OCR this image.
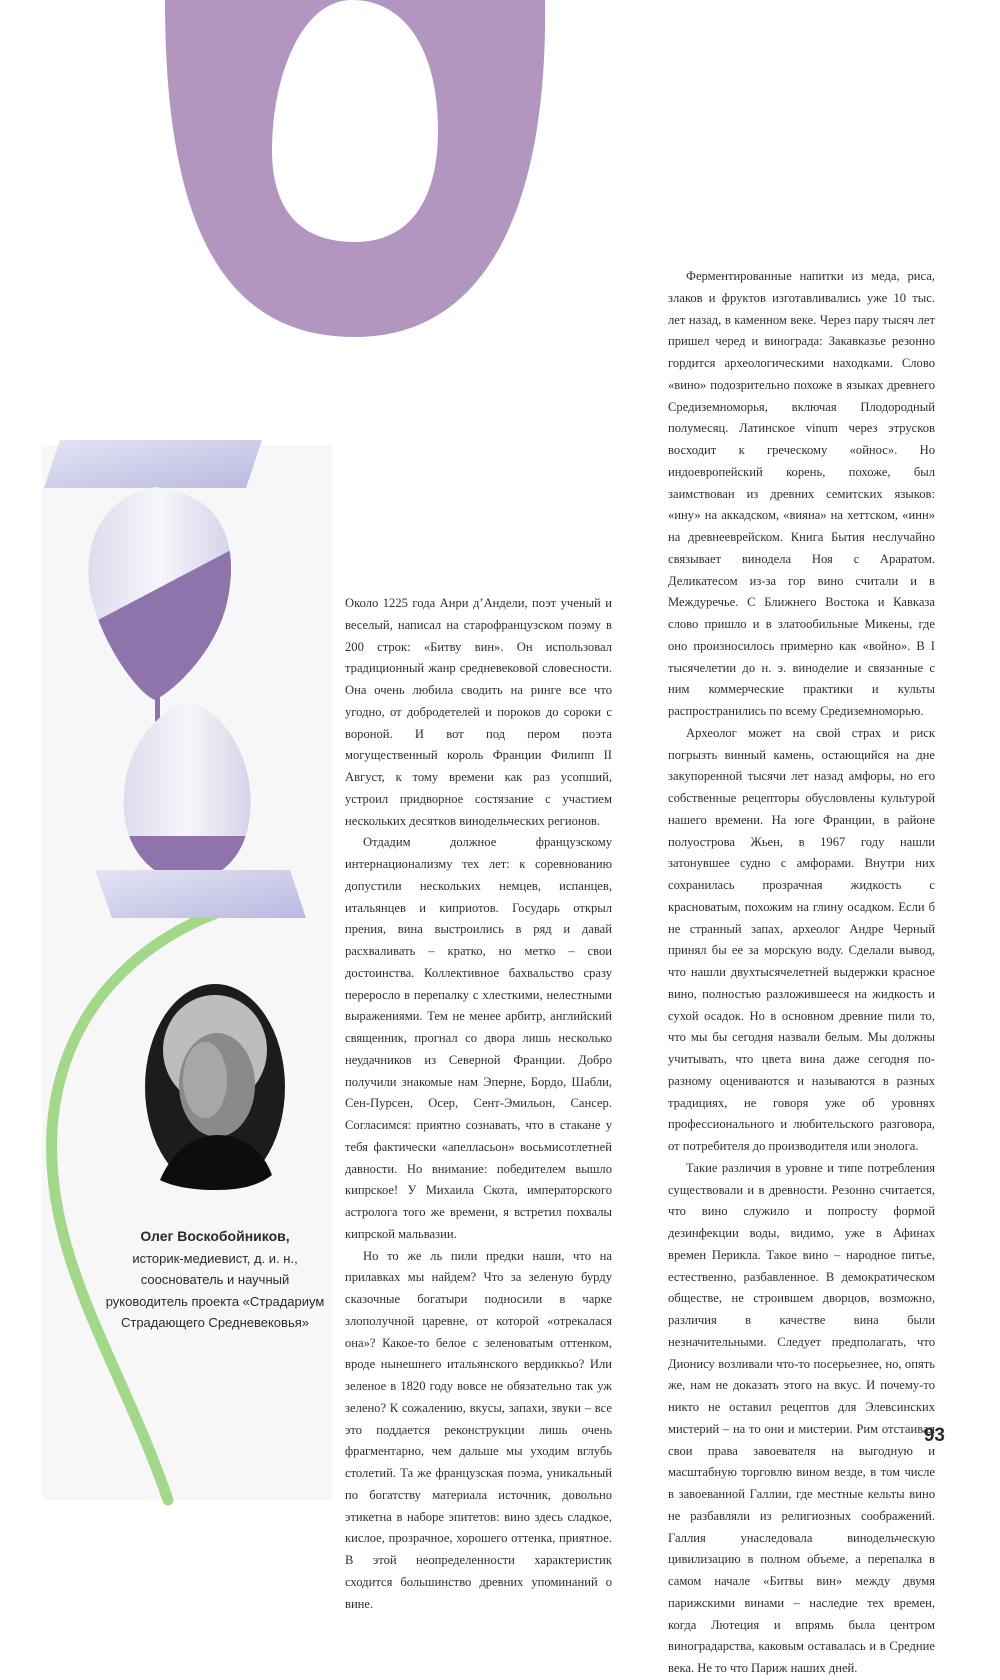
Около 1225 года Анри д’Андели, поэт ученый и веселый, написал на старофранцузском поэму в 200 строк: «Битву вин». Он использовал традиционный жанр средневековой словесности. Она очень любила сводить на ринге все что угодно, от добродетелей и пороков до сороки с вороной. И вот под пером поэта могущественный король Франции Филипп II Август, к тому времени как раз усопший, устроил придворное состязание с участием нескольких десятков винодельческих регионов.

Отдадим должное французскому интернационализму тех лет: к соревнованию допустили нескольких немцев, испанцев, итальянцев и киприотов. Государь открыл прения, вина выстроились в ряд и давай расхваливать – кратко, но метко – свои достоинства. Коллективное бахвальство сразу переросло в перепалку с хлесткими, нелестными выражениями. Тем не менее арбитр, английский священник, прогнал со двора лишь несколько неудачников из Северной Франции. Добро получили знакомые нам Эперне, Бордо, Шабли, Сен-Пурсен, Осер, Сент-Эмильон, Сансер. Согласимся: приятно сознавать, что в стакане у тебя фактически «апелласьон» восьмисотлетней давности. Но внимание: победителем вышло кипрское! У Михаила Скота, императорского астролога того же времени, я встретил похвалы кипрской мальвазии.

Но то же ль пили предки наши, что на прилавках мы найдем? Что за зеленую бурду сказочные богатыри подносили в чарке злополучной царевне, от которой «отрекалася она»? Какое-то белое с зеленоватым оттенком, вроде нынешнего итальянского вердиккьо? Или зеленое в 1820 году вовсе не обязательно так уж зелено? К сожалению, вкусы, запахи, звуки – все это поддается реконструкции лишь очень фрагментарно, чем дальше мы уходим вглубь столетий. Та же французская поэма, уникальный по богатству материала источник, довольно этикетна в наборе эпитетов: вино здесь сладкое, кислое, прозрачное, хорошего оттенка, приятное. В этой неопределенности характеристик сходится большинство древних упоминаний о вине.

Ферментированные напитки из меда, риса, злаков и фруктов изготавливались уже 10 тыс. лет назад, в каменном веке. Через пару тысяч лет пришел черед и винограда: Закавказье резонно гордится археологическими находками. Слово «вино» подозрительно похоже в языках древнего Средиземноморья, включая Плодородный полумесяц. Латинское vinum через этрусков восходит к греческому «ойнос». Но индоевропейский корень, похоже, был заимствован из древних семитских языков: «ину» на аккадском, «вияна» на хеттском, «инн» на древнееврейском. Книга Бытия неслучайно связывает винодела Ноя с Араратом. Деликатесом из-за гор вино считали и в Междуречье. С Ближнего Востока и Кавказа слово пришло и в златообильные Микены, где оно произносилось примерно как «войно». В I тысячелетии до н. э. виноделие и связанные с ним коммерческие практики и культы распространились по всему Средиземноморью.

Археолог может на свой страх и риск погрызть винный камень, остающийся на дне закупоренной тысячи лет назад амфоры, но его собственные рецепторы обусловлены культурой нашего времени. На юге Франции, в районе полуострова Жьен, в 1967 году нашли затонувшее судно с амфорами. Внутри них сохранилась прозрачная жидкость с красноватым, похожим на глину осадком. Если б не странный запах, археолог Андре Черный принял бы ее за морскую воду. Сделали вывод, что нашли двухтысячелетней выдержки красное вино, полностью разложившееся на жидкость и сухой осадок. Но в основном древние пили то, что мы бы сегодня назвали белым. Мы должны учитывать, что цвета вина даже сегодня по-разному оцениваются и называются в разных традициях, не говоря уже об уровнях профессионального и любительского разговора, от потребителя до производителя или энолога.

Такие различия в уровне и типе потребления существовали и в древности. Резонно считается, что вино служило и попросту формой дезинфекции воды, видимо, уже в Афинах времен Перикла. Такое вино – народное питье, естественно, разбавленное. В демократическом обществе, не строившем дворцов, возможно, различия в качестве вина были незначительными. Следует предполагать, что Дионису возливали что-то посерьезнее, но, опять же, нам не доказать этого на вкус. И почему-то никто не оставил рецептов для Элевсинских мистерий – на то они и мистерии. Рим отстаивал свои права завоевателя на выгодную и масштабную торговлю вином везде, в том числе в завоеванной Галлии, где местные кельты вино не разбавляли из религиозных соображений. Галлия унаследовала винодельческую цивилизацию в полном объеме, а перепалка в самом начале «Битвы вин» между двумя парижскими винами – наследие тех времен, когда Лютеция и впрямь была центром виноградарства, каковым оставалась и в Средние века. Не то что Париж наших дней.

Олег Воскобойников,
историк-медиевист, д. и. н., сооснователь и научный руководитель проекта «Страдариум Страдающего Средневековья»
93
